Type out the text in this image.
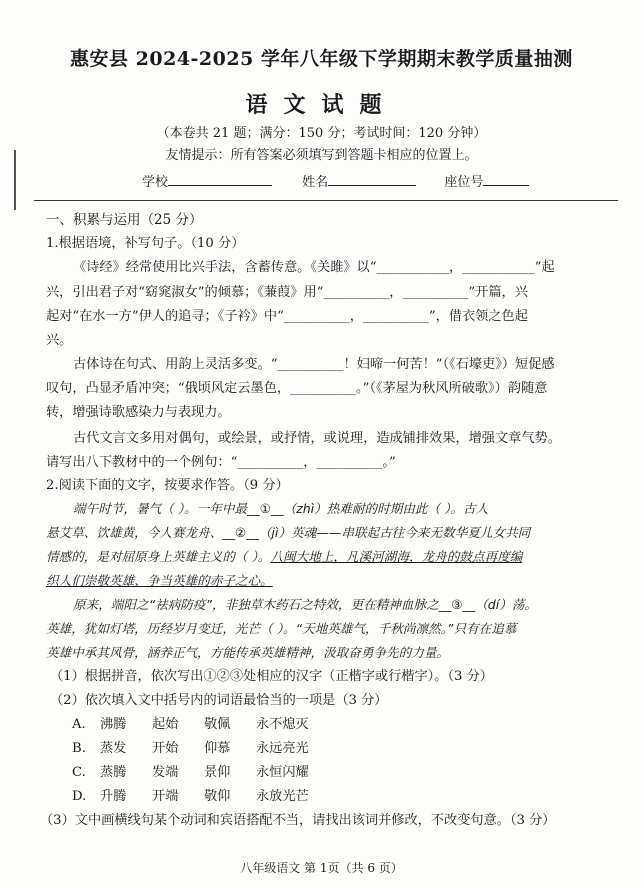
惠安县 2024-2025 学年八年级下学期期末教学质量抽测
语文试题
（本卷共 21 题；满分：150 分；考试时间：120 分钟）
友情提示：所有答案必须填写到答题卡相应的位置上。
学校	姓名	座位号
一、积累与运用（25 分）
1.根据语境，补写句子。（10 分）
《诗经》经常使用比兴手法，含蓄传意。《关雎》以“___________，___________”起
兴，引出君子对“窈窕淑女”的倾慕；《蒹葭》用“__________，__________”开篇，兴
起对“在水一方”伊人的追寻；《子衿》中“__________，__________”，借衣领之色起
兴。
古体诗在句式、用韵上灵活多变。“__________！妇啼一何苦！”（《石壕吏》）短促感
叹句，凸显矛盾冲突；“俄顷风定云墨色，__________。”（《茅屋为秋风所破歌》）韵随意
转，增强诗歌感染力与表现力。
古代文言文多用对偶句，或绘景，或抒情，或说理，造成铺排效果，增强文章气势。
请写出八下教材中的一个例句：“__________，__________。”
2.阅读下面的文字，按要求作答。（9 分）
端午时节，暑气（ ）。一年中最__①__（zhì）热难耐的时期由此（ ）。古人
悬艾草、饮雄黄，今人赛龙舟、__②__（jì）英魂——串联起古往今来无数华夏儿女共同
情感的，是对屈原身上英雄主义的（ ）。八闽大地上，凡溪河湖海，龙舟的鼓点再度编
织人们崇敬英雄、争当英雄的赤子之心。
原来，端阳之“祛病防疫”，非独草木药石之特效，更在精神血脉之__③__（dí）荡。
英雄，犹如灯塔，历经岁月变迁，光芒（ ）。“天地英雄气，千秋尚凛然。”只有在追慕
英雄中承其风骨，涵养正气，方能传承英雄精神，汲取奋勇争先的力量。
（1）根据拼音，依次写出①②③处相应的汉字（正楷字或行楷字）。（3 分）
（2）依次填入文中括号内的词语最恰当的一项是（3 分）
A. 沸腾 起始 敬佩 永不熄灭
B. 蒸发 开始 仰慕 永远亮光
C. 蒸腾 发端 景仰 永恒闪耀
D. 升腾 开端 敬仰 永放光芒
（3）文中画横线句某个动词和宾语搭配不当，请找出该词并修改，不改变句意。（3 分）
八年级语文 第 1页（共 6 页）
